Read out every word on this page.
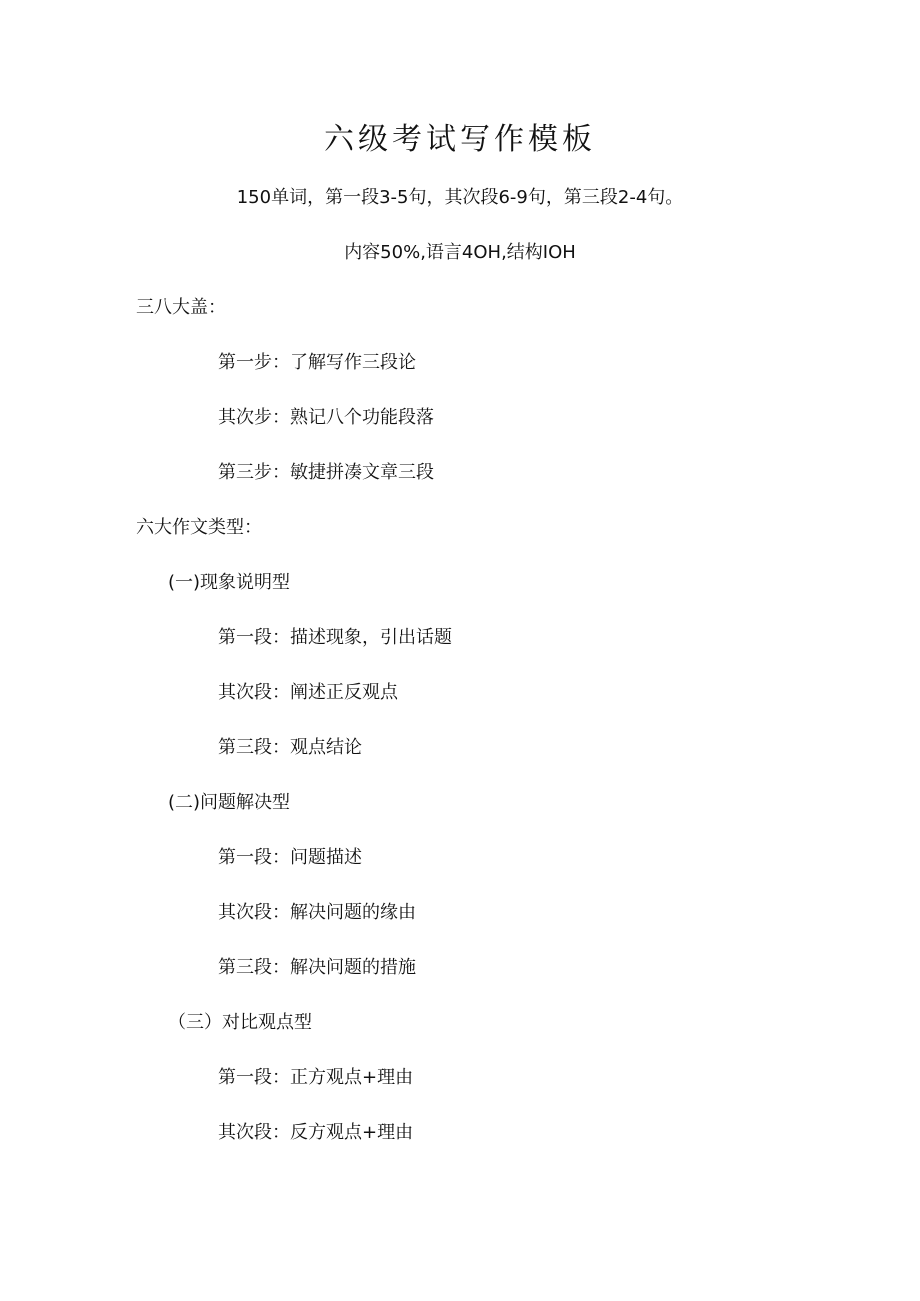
六级考试写作模板
150单词，第一段3-5句，其次段6-9句，第三段2-4句。
内容50%,语言4OH,结构IOH
三八大盖：
第一步：了解写作三段论
其次步：熟记八个功能段落
第三步：敏捷拼凑文章三段
六大作文类型：
(一)现象说明型
第一段：描述现象，引出话题
其次段：阐述正反观点
第三段：观点结论
(二)问题解决型
第一段：问题描述
其次段：解决问题的缘由
第三段：解决问题的措施
（三）对比观点型
第一段：正方观点+理由
其次段：反方观点+理由
